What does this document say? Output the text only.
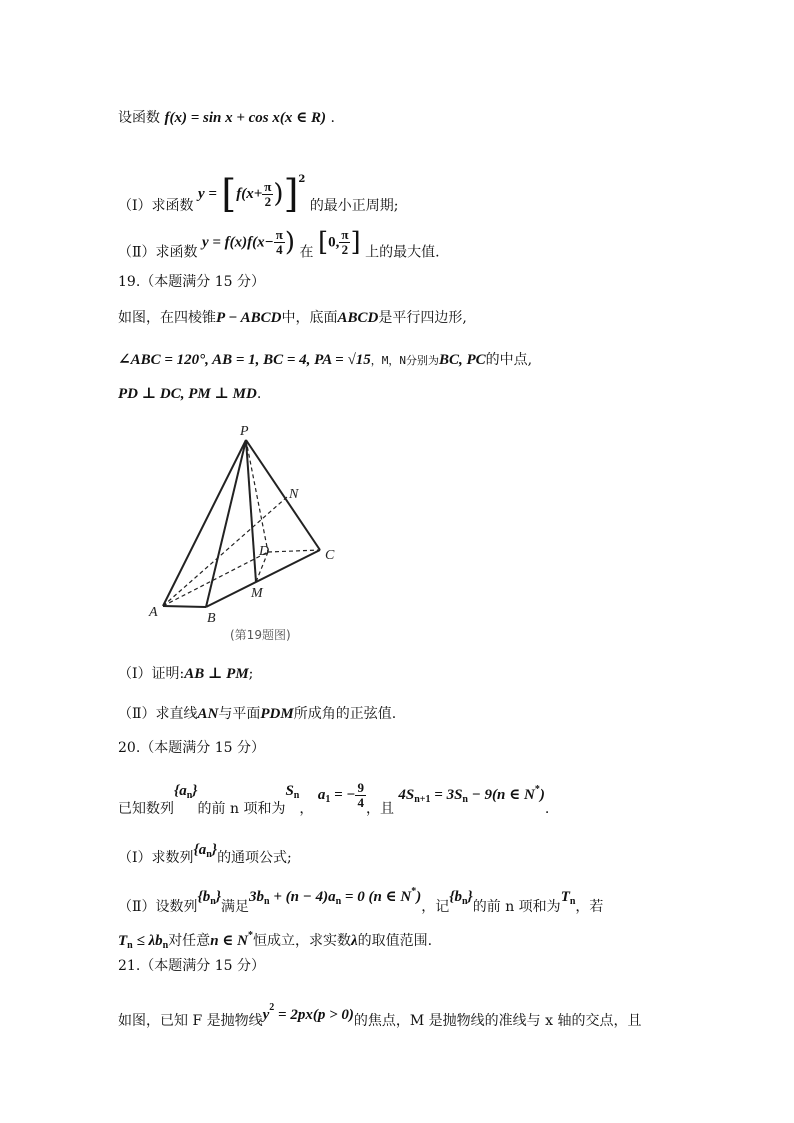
设函数 f(x) = sin x + cos x(x ∈ R) .
（Ⅰ）求函数 $y = [f(x+ \frac{\pi}{2} )]^2$ 的最小正周期;
（Ⅱ）求函数 $y = f(x)f(x- \frac{\pi}{4}$ ) 在 [0, $\frac{\pi}{2}$ ] 上的最大值.
19.（本题满分 15 分）
如图，在四棱锥P − ABCD中，底面ABCD是平行四边形,
∠ABC = 120°, AB = 1, BC = 4, PA = √15，M，N分别为BC, PC的中点,
PD ⊥ DC, PM ⊥ MD.
P
N
D	C
A	B
M
(第19题图)
（Ⅰ）证明:AB ⊥ PM;
（Ⅱ）求直线AN与平面PDM所成角的正弦值.
20.（本题满分 15 分）
已知数列$\{a_n\}$的前 n 项和为$S_n$， $a_1$ = − $\frac{9}{4}$ ，且 $4S_{n+1} = 3S_n - 9(n$ ∈ N*).
（Ⅰ）求数列$\{a_n\}$的通项公式;
（Ⅱ）设数列$\{b_n\}$满足$3b_n + (n - 4)a_n = 0$ (n ∈ N*)，记$\{b_n\}$的前 n 项和为$T_n$，若
$T_n \le \lambda b_n$对任意n ∈ N*恒成立，求实数λ的取值范围.
21.（本题满分 15 分）
如图，已知 F 是抛物线$y^2 = 2px(p > 0)$的焦点，M 是抛物线的准线与 x 轴的交点，且
